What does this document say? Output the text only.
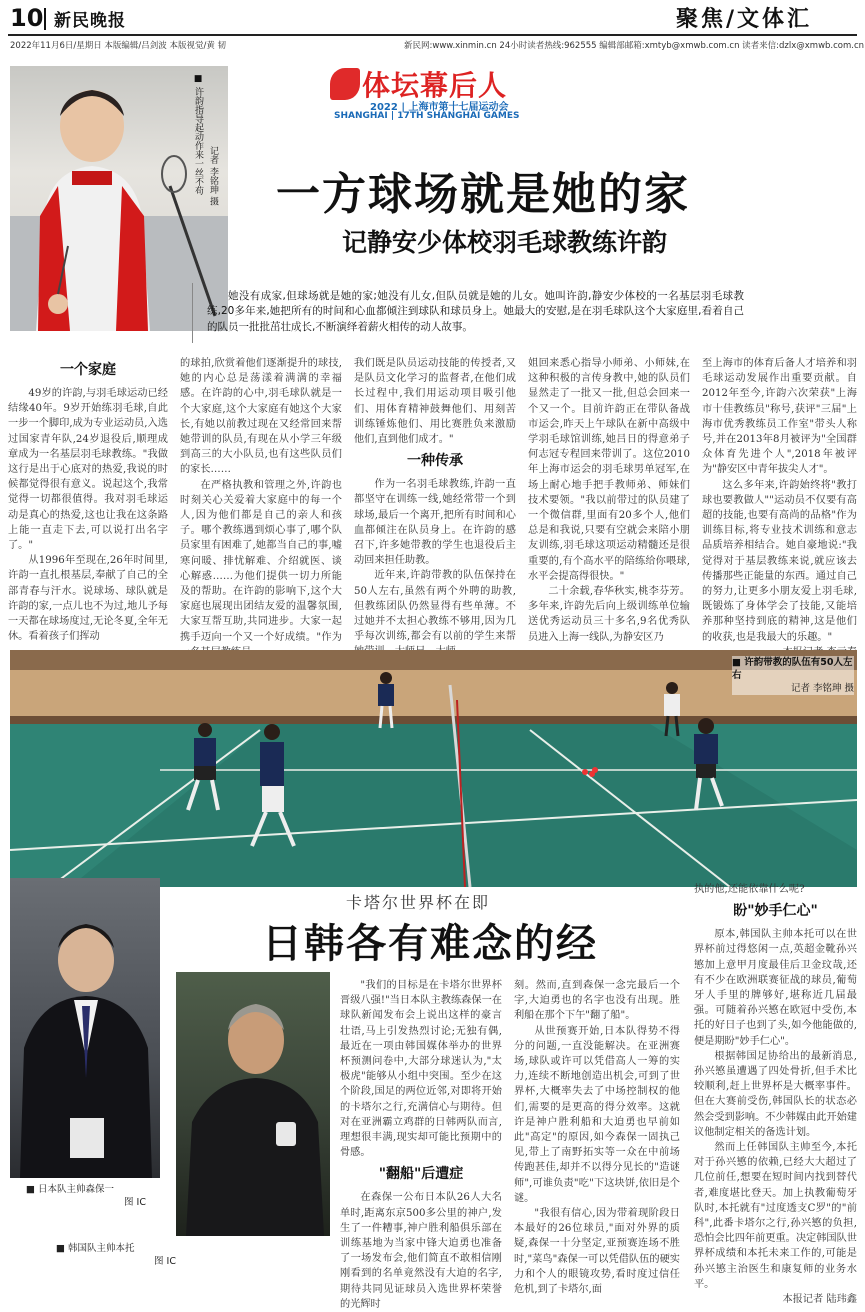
10 新民晚报	聚焦/文体汇
2022年11月6日/星期日 本版编辑/吕剑波 本版视觉/黄 韧	新民网:www.xinmin.cn 24小时读者热线:962555 编辑部邮箱:xmtyb@xmwb.com.cn 读者来信:dzlx@xmwb.com.cn
■ 许韵指导起动作来一丝不苟 记者 李铭珅 摄
体坛幕后人
2022 | 上海市第十七届运动会
SHANGHAI | 17TH SHANGHAI GAMES
一方球场就是她的家
记静安少体校羽毛球教练许韵

她没有成家,但球场就是她的家;她没有儿女,但队员就是她的儿女。她叫许韵,静安少体校的一名基层羽毛球教练,20多年来,她把所有的时间和心血都倾注到球队和球员身上。她最大的安慰,是在羽毛球队这个大家庭里,看着自己的队员一批批茁壮成长,不断演绎着薪火相传的动人故事。

一个家庭

49岁的许韵,与羽毛球运动已经结缘40年。9岁开始练羽毛球,自此一步一个脚印,成为专业运动员,入选过国家青年队,24岁退役后,顺理成章成为一名基层羽毛球教练。"我做这行是出于心底对的热爱,我说的时候都觉得很有意义。说起这个,我常觉得一切都很值得。我对羽毛球运动是真心的热爱,这也让我在这条路上能一直走下去,可以说打出名字了。"

从1996年至现在,26年时间里,许韵一直扎根基层,奉献了自己的全部青春与汗水。说球场、球队就是许韵的家,一点儿也不为过,地儿予每一天都在球场度过,无论冬夏,全年无休。看着孩子们挥动

的球拍,欣赏着他们逐渐提升的球技,她的内心总是荡漾着满满的幸福感。在许韵的心中,羽毛球队就是一个大家庭,这个大家庭有她这个大家长,有她以前教过现在又经常回来帮她带训的队员,有现在从小学三年级到高三的大小队员,也有这些队员们的家长……

在严格执教和管理之外,许韵也时刻关心关爱着大家庭中的每一个人,因为他们都是自己的亲人和孩子。哪个教练遇到烦心事了,哪个队员家里有困难了,她都当自己的事,嘘寒问暖、排忧解难、介绍就医、谈心解惑……为他们提供一切力所能及的帮助。在许韵的影响下,这个大家庭也展现出团结友爱的温馨氛围,大家互帮互助,共同进步。大家一起携手迈向一个又一个好成绩。"作为

我们既是队员运动技能的传授者,又是队员文化学习的监督者,在他们成长过程中,我们用运动项目吸引他们、用体育精神鼓舞他们、用刻苦训练锤炼他们、用比赛胜负来激励他们,直到他们成才。"

一种传承

作为一名羽毛球教练,许韵一直都坚守在训练一线,她经常带一个到球场,最后一个离开,把所有时间和心血都倾注在队员身上。在许韵的感召下,许多她带教的学生也退役后主动回来担任助教。

近年来,许韵带教的队伍保持在50人左右,虽然有两个外聘的助教,但教练团队仍然显得有些单薄。不过她并不太担心教练不够用,因为几乎每次训练,都会有以前的学生来帮

姐回来悉心指导小师弟、小师妹,在这种积极的言传身教中,她的队员们显然走了一批又一批,但总会回来一个又一个。目前许韵正在带队备战市运会,昨天上午球队在新中高级中学羽毛球馆训练,她吕日的得意弟子何志冠专程回来带训了。这位2010年上海市运会的羽毛球男单冠军,在场上耐心地手把手教师弟、师妹们技术要领。"我以前带过的队员建了一个微信群,里面有20多个人,他们总是和我说,只要有空就会来陪小朋友训练,羽毛球这项运动精髓还是很重要的,有个高水平的陪练给你喂球,水平会提高得很快。"

二十余载,春华秋实,桃李芬芳。多年来,许韵先后向上级训练单位输送优秀运动员三十多名,9名优秀队员进入上海一线队,为静安区乃

至上海市的体育后备人才培养和羽毛球运动发展作出重要贡献。自2012年至今,许韵六次荣获"上海市十佳教练员"称号,获评"三届"上海市优秀教练员工作室"带头人称号,并在2013年8月被评为"全国群众体育先进个人",2018年被评为"静安区中青年拔尖人才"。

这么多年来,许韵始终将"教打球也要教做人""运动员不仅要有高超的技能,也要有高尚的品格"作为训练目标,将专业技术训练和意志品质培养相结合。她自豪地说:"我觉得对于基层教练来说,就应该去传播那些正能量的东西。通过自己的努力,让更多小朋友爱上羽毛球,既锻炼了身体学会了技能,又能培养那种坚持到底的精神,这是他们的收获,也是我最大的乐趣。"

■ 许韵带教的队伍有50人左右
记者 李铭珅 摄
■ 日本队主帅森保一
图 IC
■ 韩国队主帅本托
图 IC
卡塔尔世界杯在即
日韩各有难念的经

"我们的目标是在卡塔尔世界杯晋级八强!"当日本队主教练森保一在球队新闻发布会上说出这样的豪言壮语,马上引发热烈讨论;无独有偶,最近在一项由韩国媒体举办的世界杯预测问卷中,大部分球迷认为,"太极虎"能够从小组中突围。至少在这个阶段,国足的两位近邻,对即将开始的卡塔尔之行,充满信心与期待。但对在亚洲霸立鸡群的日韩两队而言,理想很丰满,现实却可能比预期中的骨感。

"翻船"后遭症

在森保一公布日本队26人大名单时,距离东京500多公里的神户,发生了一件糟事,神户胜利船俱乐部在训练基地为当家中锋大迫勇也准备了一场发布会,他们简直不敢相信刚刚看到的名单竟然没有大迫的名字,期待共同见证球员入选世界杯荣誉的光辉时

刻。然而,直到森保一念完最后一个字,大迫勇也的名字也没有出现。胜利船在那个下午"翻了船"。

从世预赛开始,日本队得势不得分的问题,一直没能解决。在亚洲赛场,球队或许可以凭借高人一筹的实力,连续不断地创造出机会,可到了世界杯,大概率失去了中场控制权的他们,需要的是更高的得分效率。这就许是神户胜利船和大迫勇也早前如此"高定"的原因,如今森保一固执己见,带上了南野拓实等一众在中前场传跑甚佳,却并不以得分见长的"造谜师",可谁负责"吃"下这块饼,依旧是个谜。

"我很有信心,因为带着现阶段日本最好的26位球员,"面对外界的质疑,森保一十分坚定,亚预赛连场不胜时,"菜鸟"森保一可以凭借队伍的硬实力和个人的眼镜攻势,看时度过信任危机,到了卡塔尔,面

执的他,还能依靠什么呢?

盼"妙手仁心"

原本,韩国队主帅本托可以在世界杯前过得悠闲一点,英超金靴孙兴慜加上意甲月度最佳后卫金玟哉,还有不少在欧洲联赛征战的球员,葡萄牙人手里的牌够好,堪称近几届最强。可随着孙兴慜在欧冠中受伤,本托的好日子也到了头,如今他能做的,便是期盼"妙手仁心"。

根据韩国足协给出的最新消息,孙兴慜虽遭遇了四处骨折,但手术比较顺利,赶上世界杯是大概率事件。但在大赛前受伤,韩国队长的状态必然会受到影响。不少韩媒由此开始建议他制定相关的备选计划。

然而上任韩国队主帅至今,本托对于孙兴慜的依赖,已经大大超过了几位前任,想要在短时间内找到替代者,难度堪比登天。加上执教葡萄牙队时,本托就有"过度透支C罗"的"前科",此番卡塔尔之行,孙兴慜的负担,恐怕会比四年前更重。决定韩国队世界杯成绩和本托未来工作的,可能是孙兴慜主治医生和康复师的业务水平。

本报记者 陆玮鑫
